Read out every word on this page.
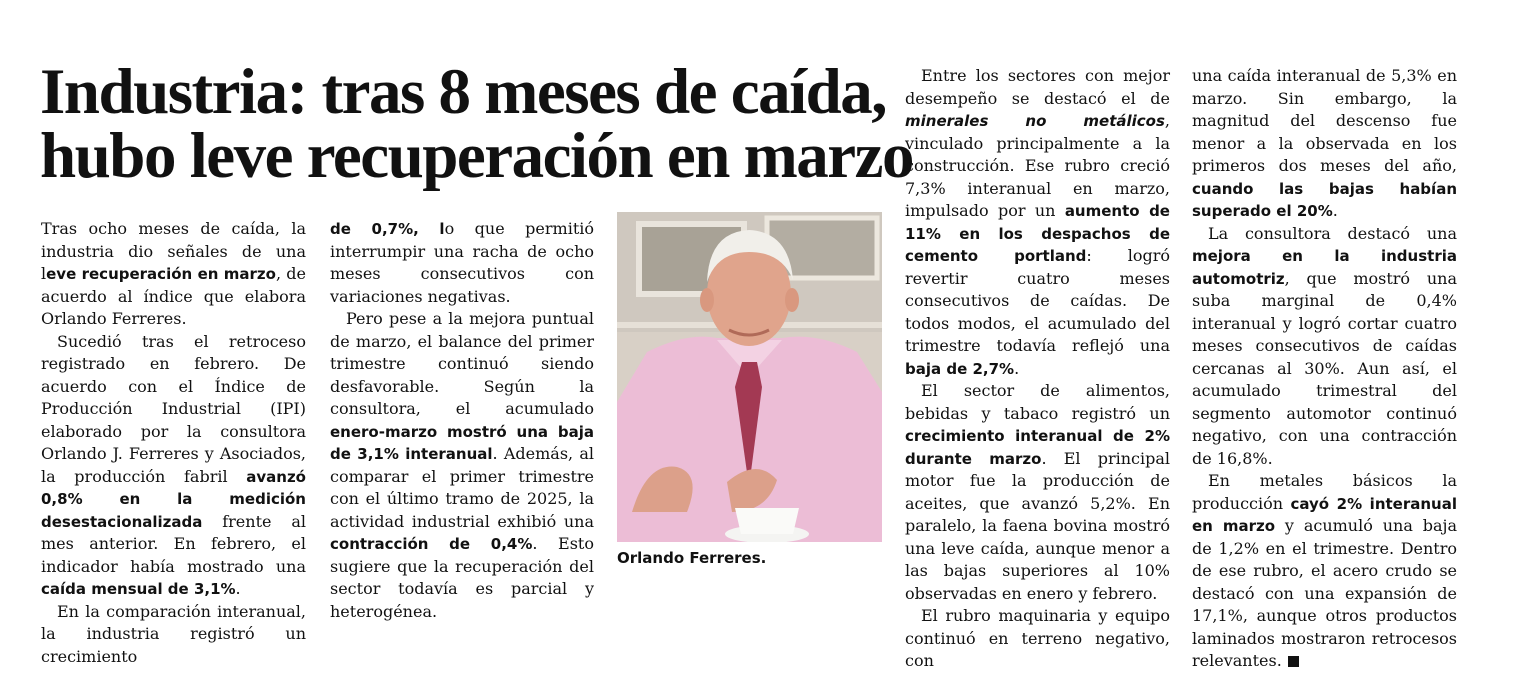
Industria: tras 8 meses de caída,
hubo leve recuperación en marzo

Tras ocho meses de caída, la industria dio señales de una leve recuperación en marzo, de acuerdo al índice que elabora Orlando Ferreres.

Sucedió tras el retroceso registrado en febrero. De acuerdo con el Índice de Producción Industrial (IPI) elaborado por la consultora Orlando J. Ferreres y Asociados, la producción fabril avanzó 0,8% en la medición desestacionalizada frente al mes anterior. En febrero, el indicador había mostrado una caída mensual de 3,1%.

En la comparación interanual, la industria registró un crecimiento

de 0,7%, lo que permitió interrumpir una racha de ocho meses consecutivos con variaciones negativas.

Pero pese a la mejora puntual de marzo, el balance del primer trimestre continuó siendo desfavorable. Según la consultora, el acumulado enero-marzo mostró una baja de 3,1% interanual. Además, al comparar el primer trimestre con el último tramo de 2025, la actividad industrial exhibió una contracción de 0,4%. Esto sugiere que la recuperación del sector todavía es parcial y heterogénea.

Orlando Ferreres.

Entre los sectores con mejor desempeño se destacó el de minerales no metálicos, vinculado principalmente a la construcción. Ese rubro creció 7,3% interanual en marzo, impulsado por un aumento de 11% en los despachos de cemento portland: logró revertir cuatro meses consecutivos de caídas. De todos modos, el acumulado del trimestre todavía reflejó una baja de 2,7%.

El sector de alimentos, bebidas y tabaco registró un crecimiento interanual de 2% durante marzo. El principal motor fue la producción de aceites, que avanzó 5,2%. En paralelo, la faena bovina mostró una leve caída, aunque menor a las bajas superiores al 10% observadas en enero y febrero.

El rubro maquinaria y equipo continuó en terreno negativo, con

una caída interanual de 5,3% en marzo. Sin embargo, la magnitud del descenso fue menor a la observada en los primeros dos meses del año, cuando las bajas habían superado el 20%.

La consultora destacó una mejora en la industria automotriz, que mostró una suba marginal de 0,4% interanual y logró cortar cuatro meses consecutivos de caídas cercanas al 30%. Aun así, el acumulado trimestral del segmento automotor continuó negativo, con una contracción de 16,8%.

En metales básicos la producción cayó 2% interanual en marzo y acumuló una baja de 1,2% en el trimestre. Dentro de ese rubro, el acero crudo se destacó con una expansión de 17,1%, aunque otros productos laminados mostraron retrocesos relevantes.
